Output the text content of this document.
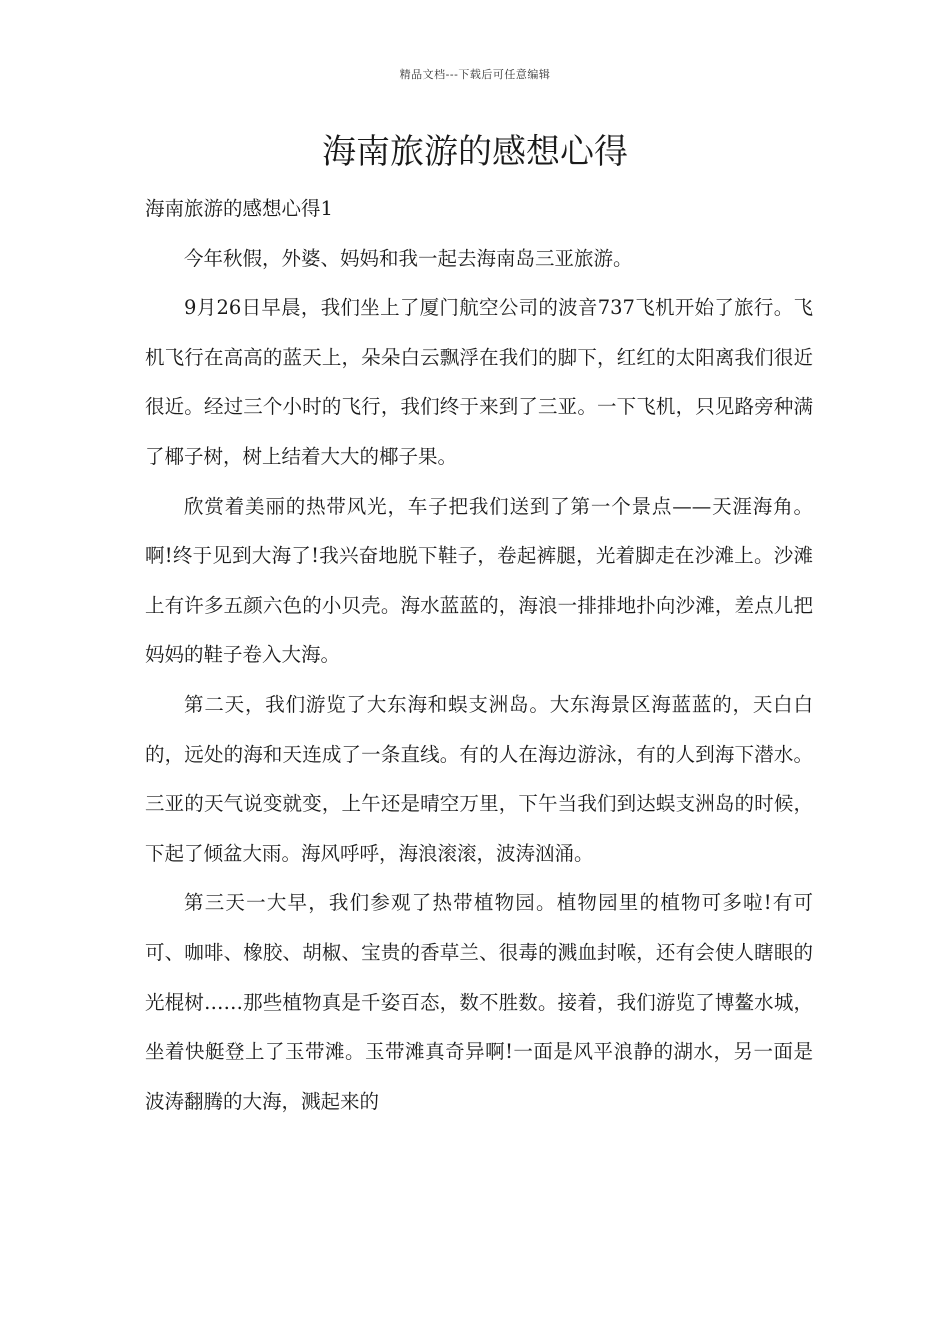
精品文档---下载后可任意编辑
海南旅游的感想心得

海南旅游的感想心得1

今年秋假，外婆、妈妈和我一起去海南岛三亚旅游。

9月26日早晨，我们坐上了厦门航空公司的波音737飞机开始了旅行。飞机飞行在高高的蓝天上，朵朵白云飘浮在我们的脚下，红红的太阳离我们很近很近。经过三个小时的飞行，我们终于来到了三亚。一下飞机，只见路旁种满了椰子树，树上结着大大的椰子果。

欣赏着美丽的热带风光，车子把我们送到了第一个景点——天涯海角。啊!终于见到大海了!我兴奋地脱下鞋子，卷起裤腿，光着脚走在沙滩上。沙滩上有许多五颜六色的小贝壳。海水蓝蓝的，海浪一排排地扑向沙滩，差点儿把妈妈的鞋子卷入大海。

第二天，我们游览了大东海和蜈支洲岛。大东海景区海蓝蓝的，天白白的，远处的海和天连成了一条直线。有的人在海边游泳，有的人到海下潜水。三亚的天气说变就变，上午还是晴空万里，下午当我们到达蜈支洲岛的时候，下起了倾盆大雨。海风呼呼，海浪滚滚，波涛汹涌。

第三天一大早，我们参观了热带植物园。植物园里的植物可多啦!有可可、咖啡、橡胶、胡椒、宝贵的香草兰、很毒的溅血封喉，还有会使人瞎眼的光棍树……那些植物真是千姿百态，数不胜数。接着，我们游览了博鳌水城，坐着快艇登上了玉带滩。玉带滩真奇异啊!一面是风平浪静的湖水，另一面是波涛翻腾的大海，溅起来的
